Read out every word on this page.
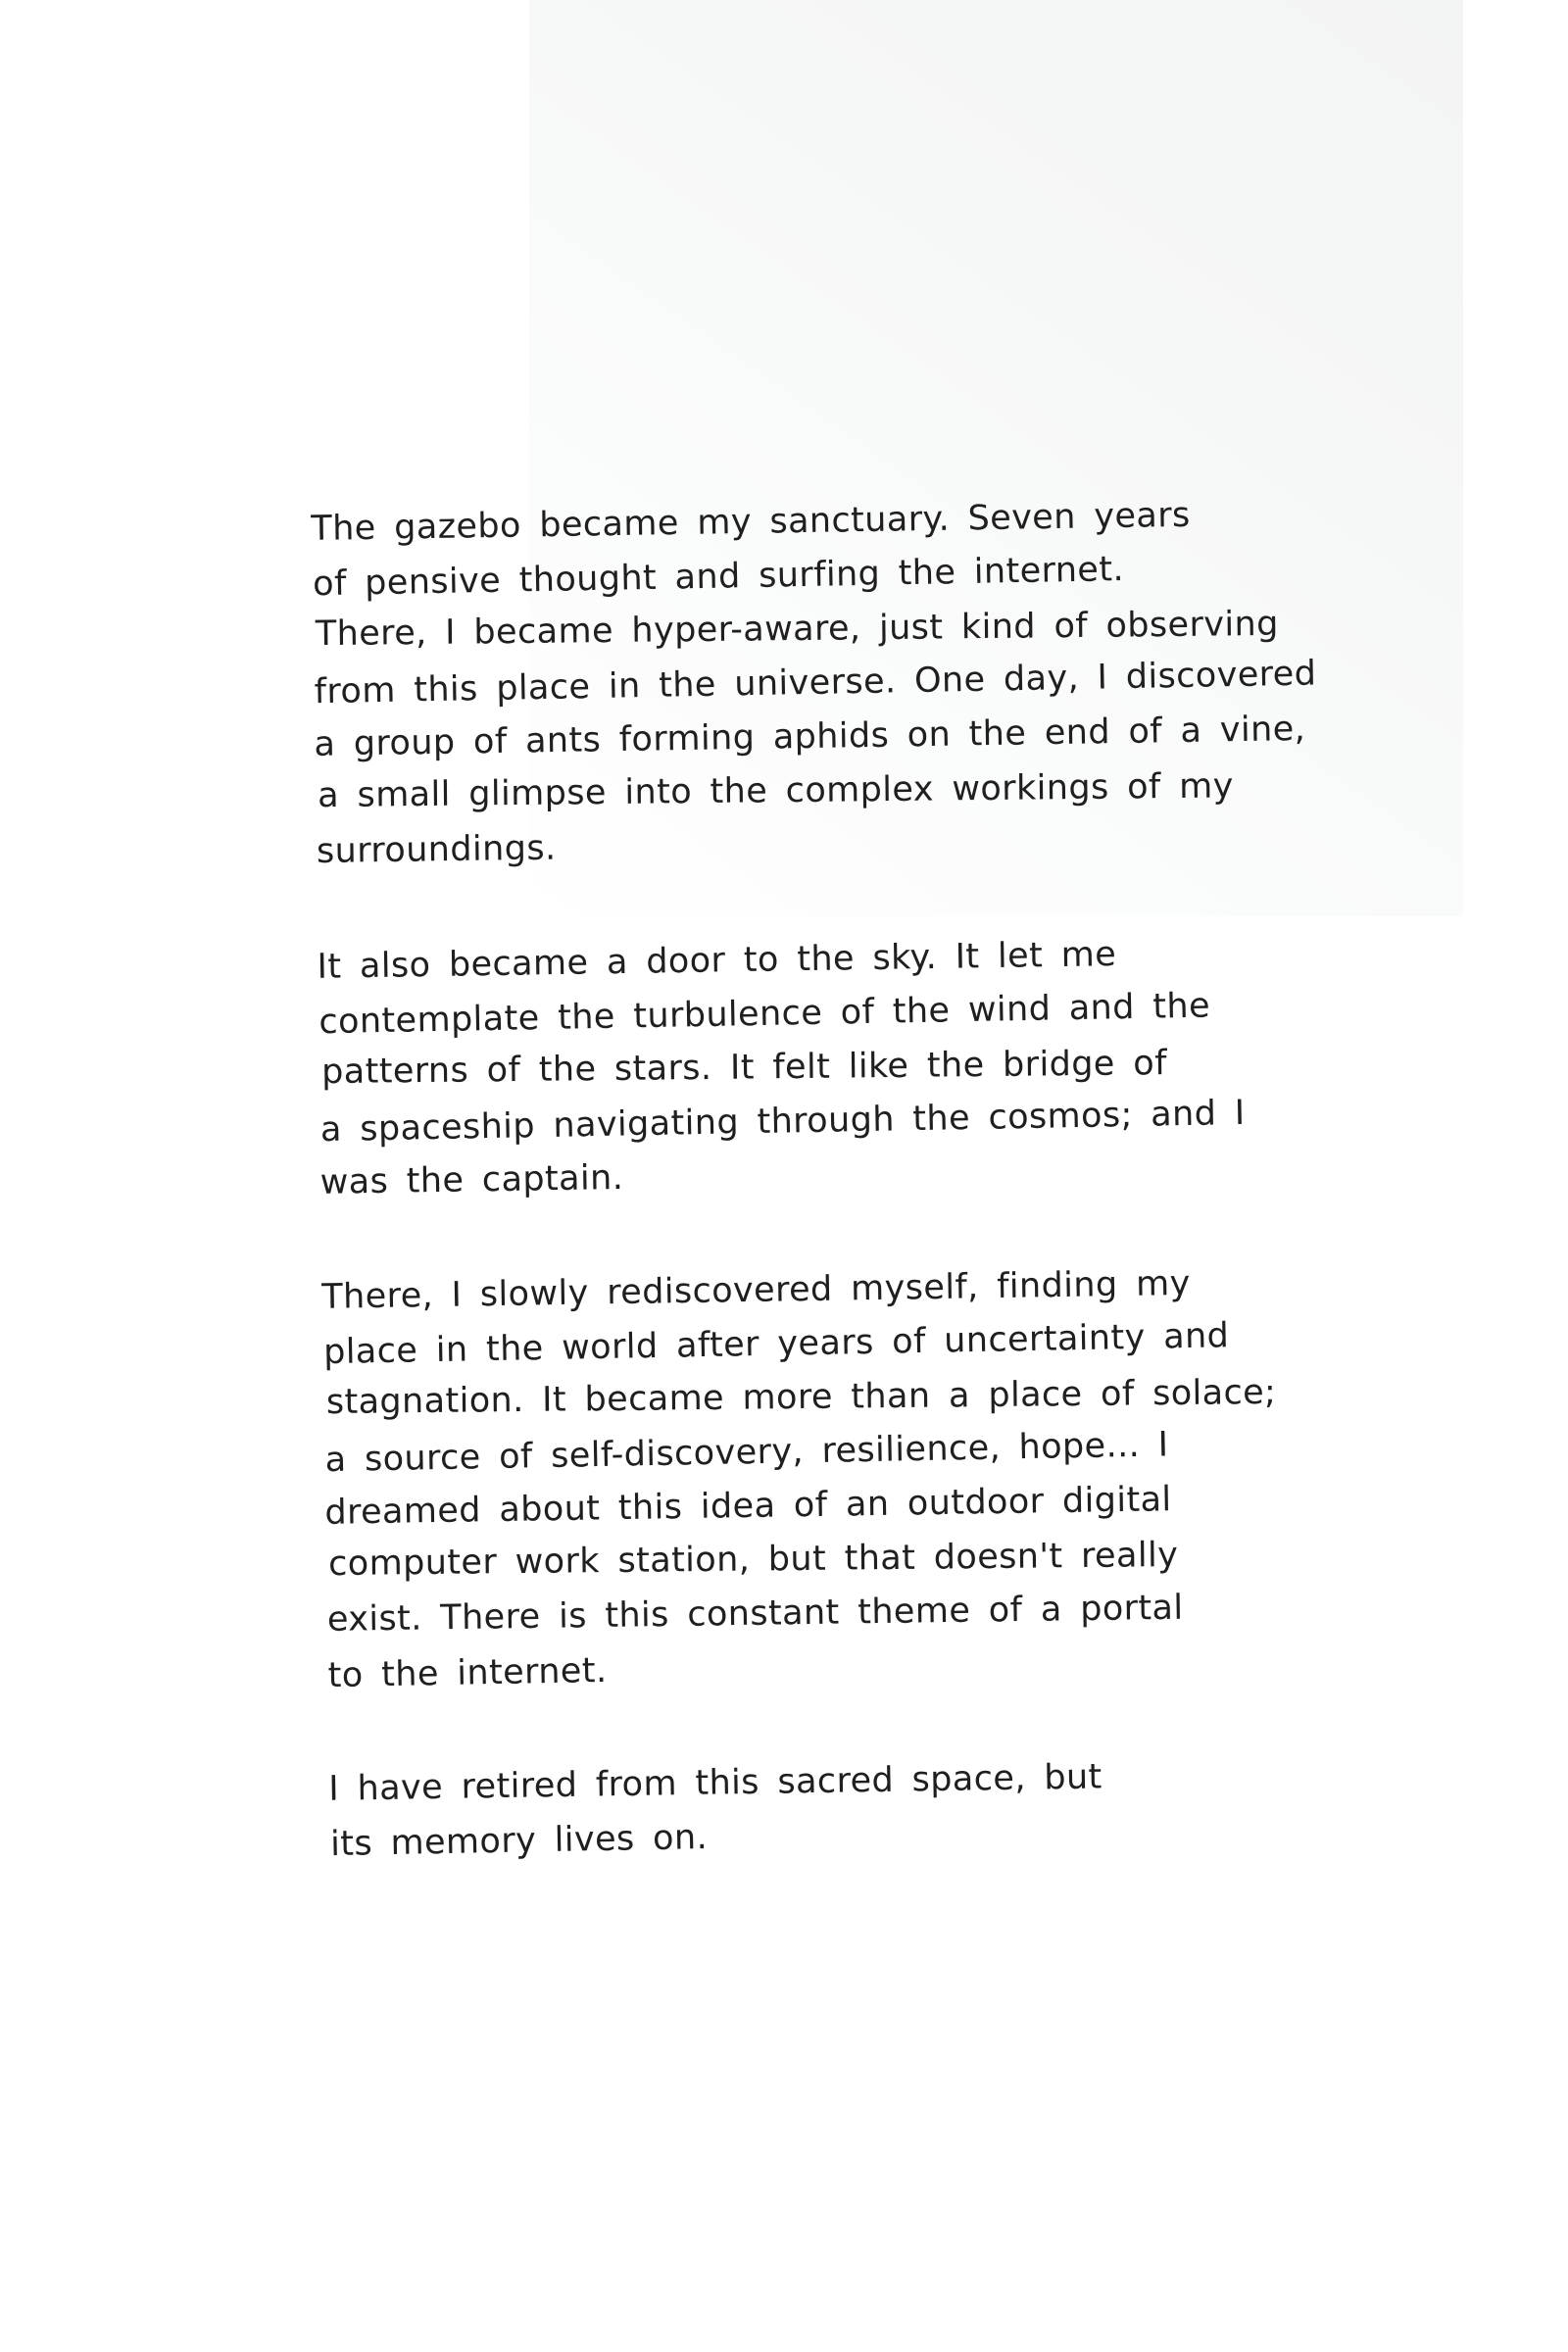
The gazebo became my sanctuary. Seven years
of pensive thought and surfing the internet.
There, I became hyper-aware, just kind of observing
from this place in the universe. One day, I discovered
a group of ants forming aphids on the end of a vine,
a small glimpse into the complex workings of my
surroundings.
It also became a door to the sky. It let me
contemplate the turbulence of the wind and the
patterns of the stars. It felt like the bridge of
a spaceship navigating through the cosmos; and I
was the captain.
There, I slowly rediscovered myself, finding my
place in the world after years of uncertainty and
stagnation. It became more than a place of solace;
a source of self-discovery, resilience, hope... I
dreamed about this idea of an outdoor digital
computer work station, but that doesn't really
exist. There is this constant theme of a portal
to the internet.
I have retired from this sacred space, but
its memory lives on.
